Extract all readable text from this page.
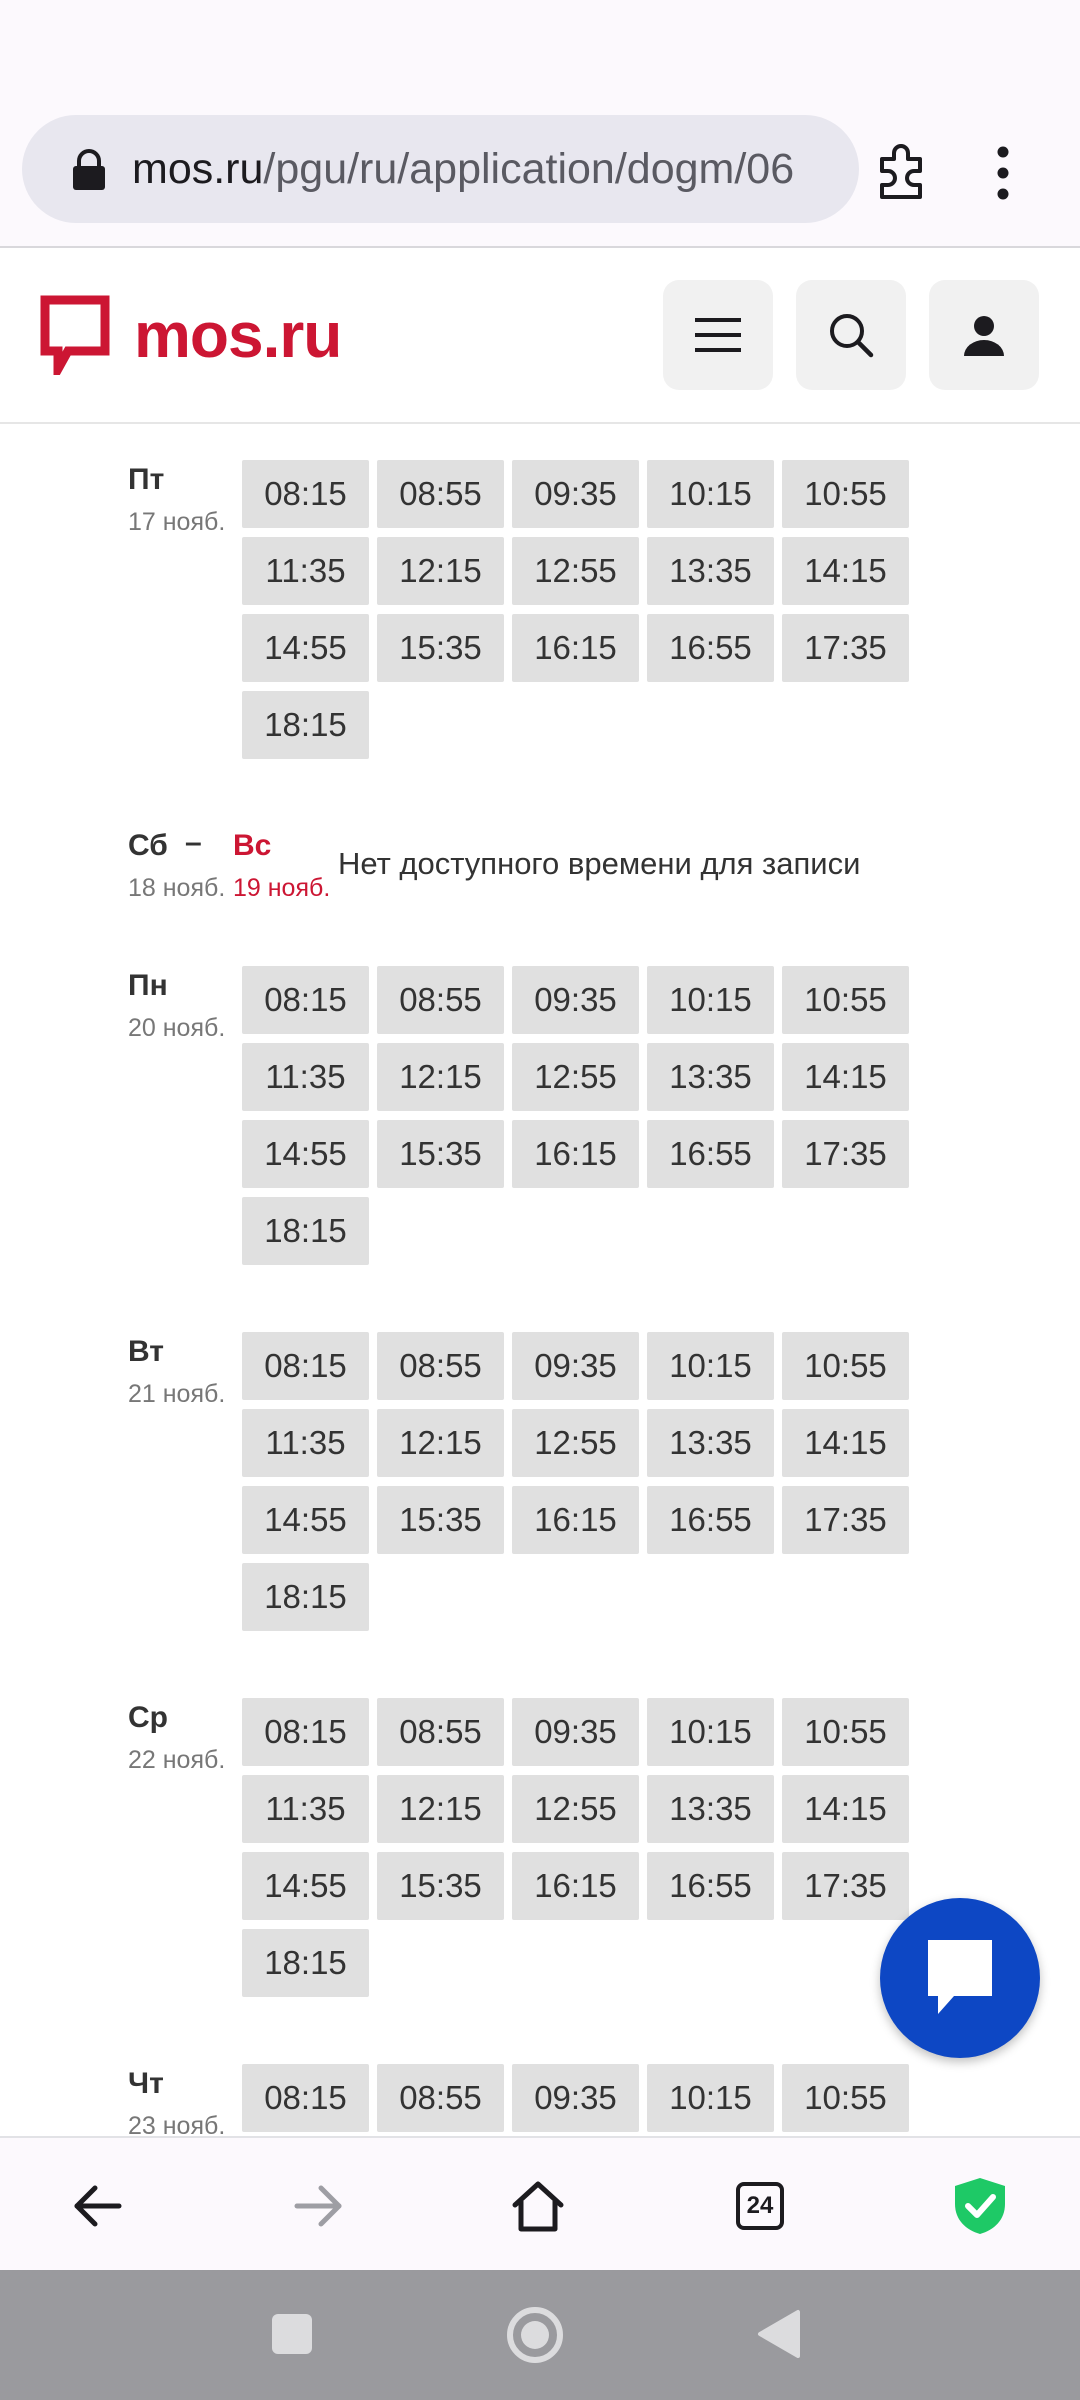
mos.ru/pgu/ru/application/dogm/06
mos.ru
Пт
17 нояб.
08:15	08:55	09:35	10:15	10:55
11:35	12:15	12:55	13:35	14:15
14:55	15:35	16:15	16:55	17:35
18:15
Пн
20 нояб.
08:15	08:55	09:35	10:15	10:55
11:35	12:15	12:55	13:35	14:15
14:55	15:35	16:15	16:55	17:35
18:15
Вт
21 нояб.
08:15	08:55	09:35	10:15	10:55
11:35	12:15	12:55	13:35	14:15
14:55	15:35	16:15	16:55	17:35
18:15
Ср
22 нояб.
08:15	08:55	09:35	10:15	10:55
11:35	12:15	12:55	13:35	14:15
14:55	15:35	16:15	16:55	17:35
18:15
Чт
23 нояб.
08:15	08:55	09:35	10:15	10:55
Сб
18 нояб.
– Вс
19 нояб.
Нет доступного времени для записи
24
